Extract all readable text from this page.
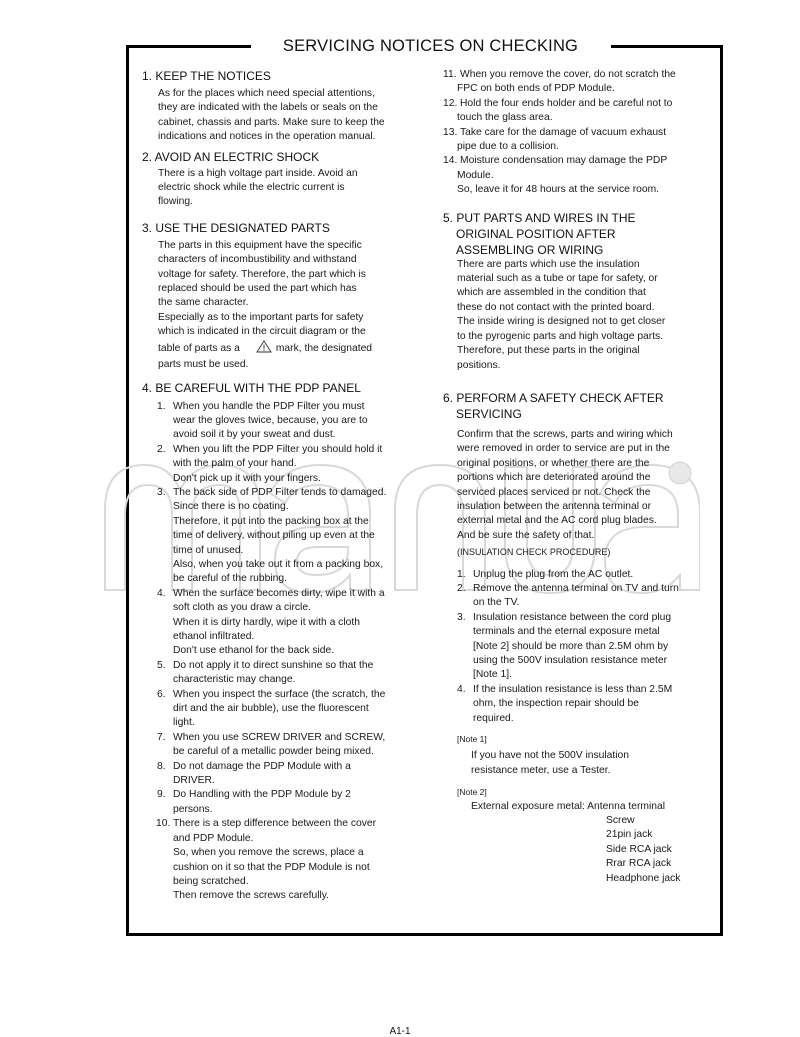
SERVICING NOTICES ON CHECKING
1. KEEP THE NOTICES
As for the places which need special attentions,
they are indicated with the labels or seals on the
cabinet, chassis and parts. Make sure to keep the
indications and notices in the operation manual.
2. AVOID AN ELECTRIC SHOCK
There is a high voltage part inside. Avoid an
electric shock while the electric current is
flowing.
3. USE THE DESIGNATED PARTS
The parts in this equipment have the specific
characters of incombustibility and withstand
voltage for safety. Therefore, the part which is
replaced should be used the part which has
the same character.
Especially as to the important parts for safety
which is indicated in the circuit diagram or the
table of parts as a	mark, the designated
parts must be used.
4. BE CAREFUL WITH THE PDP PANEL
1. When you handle the PDP Filter you must
wear the gloves twice, because, you are to
avoid soil it by your sweat and dust.
2. When you lift the PDP Filter you should hold it
with the palm of your hand.
Don't pick up it with your fingers.
3. The back side of PDP Filter tends to damaged.
Since there is no coating.
Therefore, it put into the packing box at the
time of delivery, without piling up even at the
time of unused.
Also, when you take out it from a packing box,
be careful of the rubbing.
4. When the surface becomes dirty, wipe it with a
soft cloth as you draw a circle.
When it is dirty hardly, wipe it with a cloth
ethanol infiltrated.
Don't use ethanol for the back side.
5. Do not apply it to direct sunshine so that the
characteristic may change.
6. When you inspect the surface (the scratch, the
dirt and the air bubble), use the fluorescent
light.
7. When you use SCREW DRIVER and SCREW,
be careful of a metallic powder being mixed.
8. Do not damage the PDP Module with a
DRIVER.
9. Do Handling with the PDP Module by 2
persons.
10. There is a step difference between the cover
and PDP Module.
So, when you remove the screws, place a
cushion on it so that the PDP Module is not
being scratched.
Then remove the screws carefully.
11. When you remove the cover, do not scratch the
FPC on both ends of PDP Module.
12. Hold the four ends holder and be careful not to
touch the glass area.
13. Take care for the damage of vacuum exhaust
pipe due to a collision.
14. Moisture condensation may damage the PDP
Module.
So, leave it for 48 hours at the service room.
5. PUT PARTS AND WIRES IN THE
ORIGINAL POSITION AFTER
ASSEMBLING OR WIRING
There are parts which use the insulation
material such as a tube or tape for safety, or
which are assembled in the condition that
these do not contact with the printed board.
The inside wiring is designed not to get closer
to the pyrogenic parts and high voltage parts.
Therefore, put these parts in the original
positions.
6. PERFORM A SAFETY CHECK AFTER
SERVICING
Confirm that the screws, parts and wiring which
were removed in order to service are put in the
original positions, or whether there are the
portions which are deteriorated around the
serviced places serviced or not. Check the
insulation between the antenna terminal or
external metal and the AC cord plug blades.
And be sure the safety of that.
(INSULATION CHECK PROCEDURE)
1. Unplug the plug from the AC outlet.
2. Remove the antenna terminal on TV and turn
on the TV.
3. Insulation resistance between the cord plug
terminals and the eternal exposure metal
[Note 2] should be more than 2.5M ohm by
using the 500V insulation resistance meter
[Note 1].
4. If the insulation resistance is less than 2.5M
ohm, the inspection repair should be
required.
[Note 1]
If you have not the 500V insulation
resistance meter, use a Tester.
[Note 2]
External exposure metal: Antenna terminal
Screw
21pin jack
Side RCA jack
Rrar RCA jack
Headphone jack
A1-1
